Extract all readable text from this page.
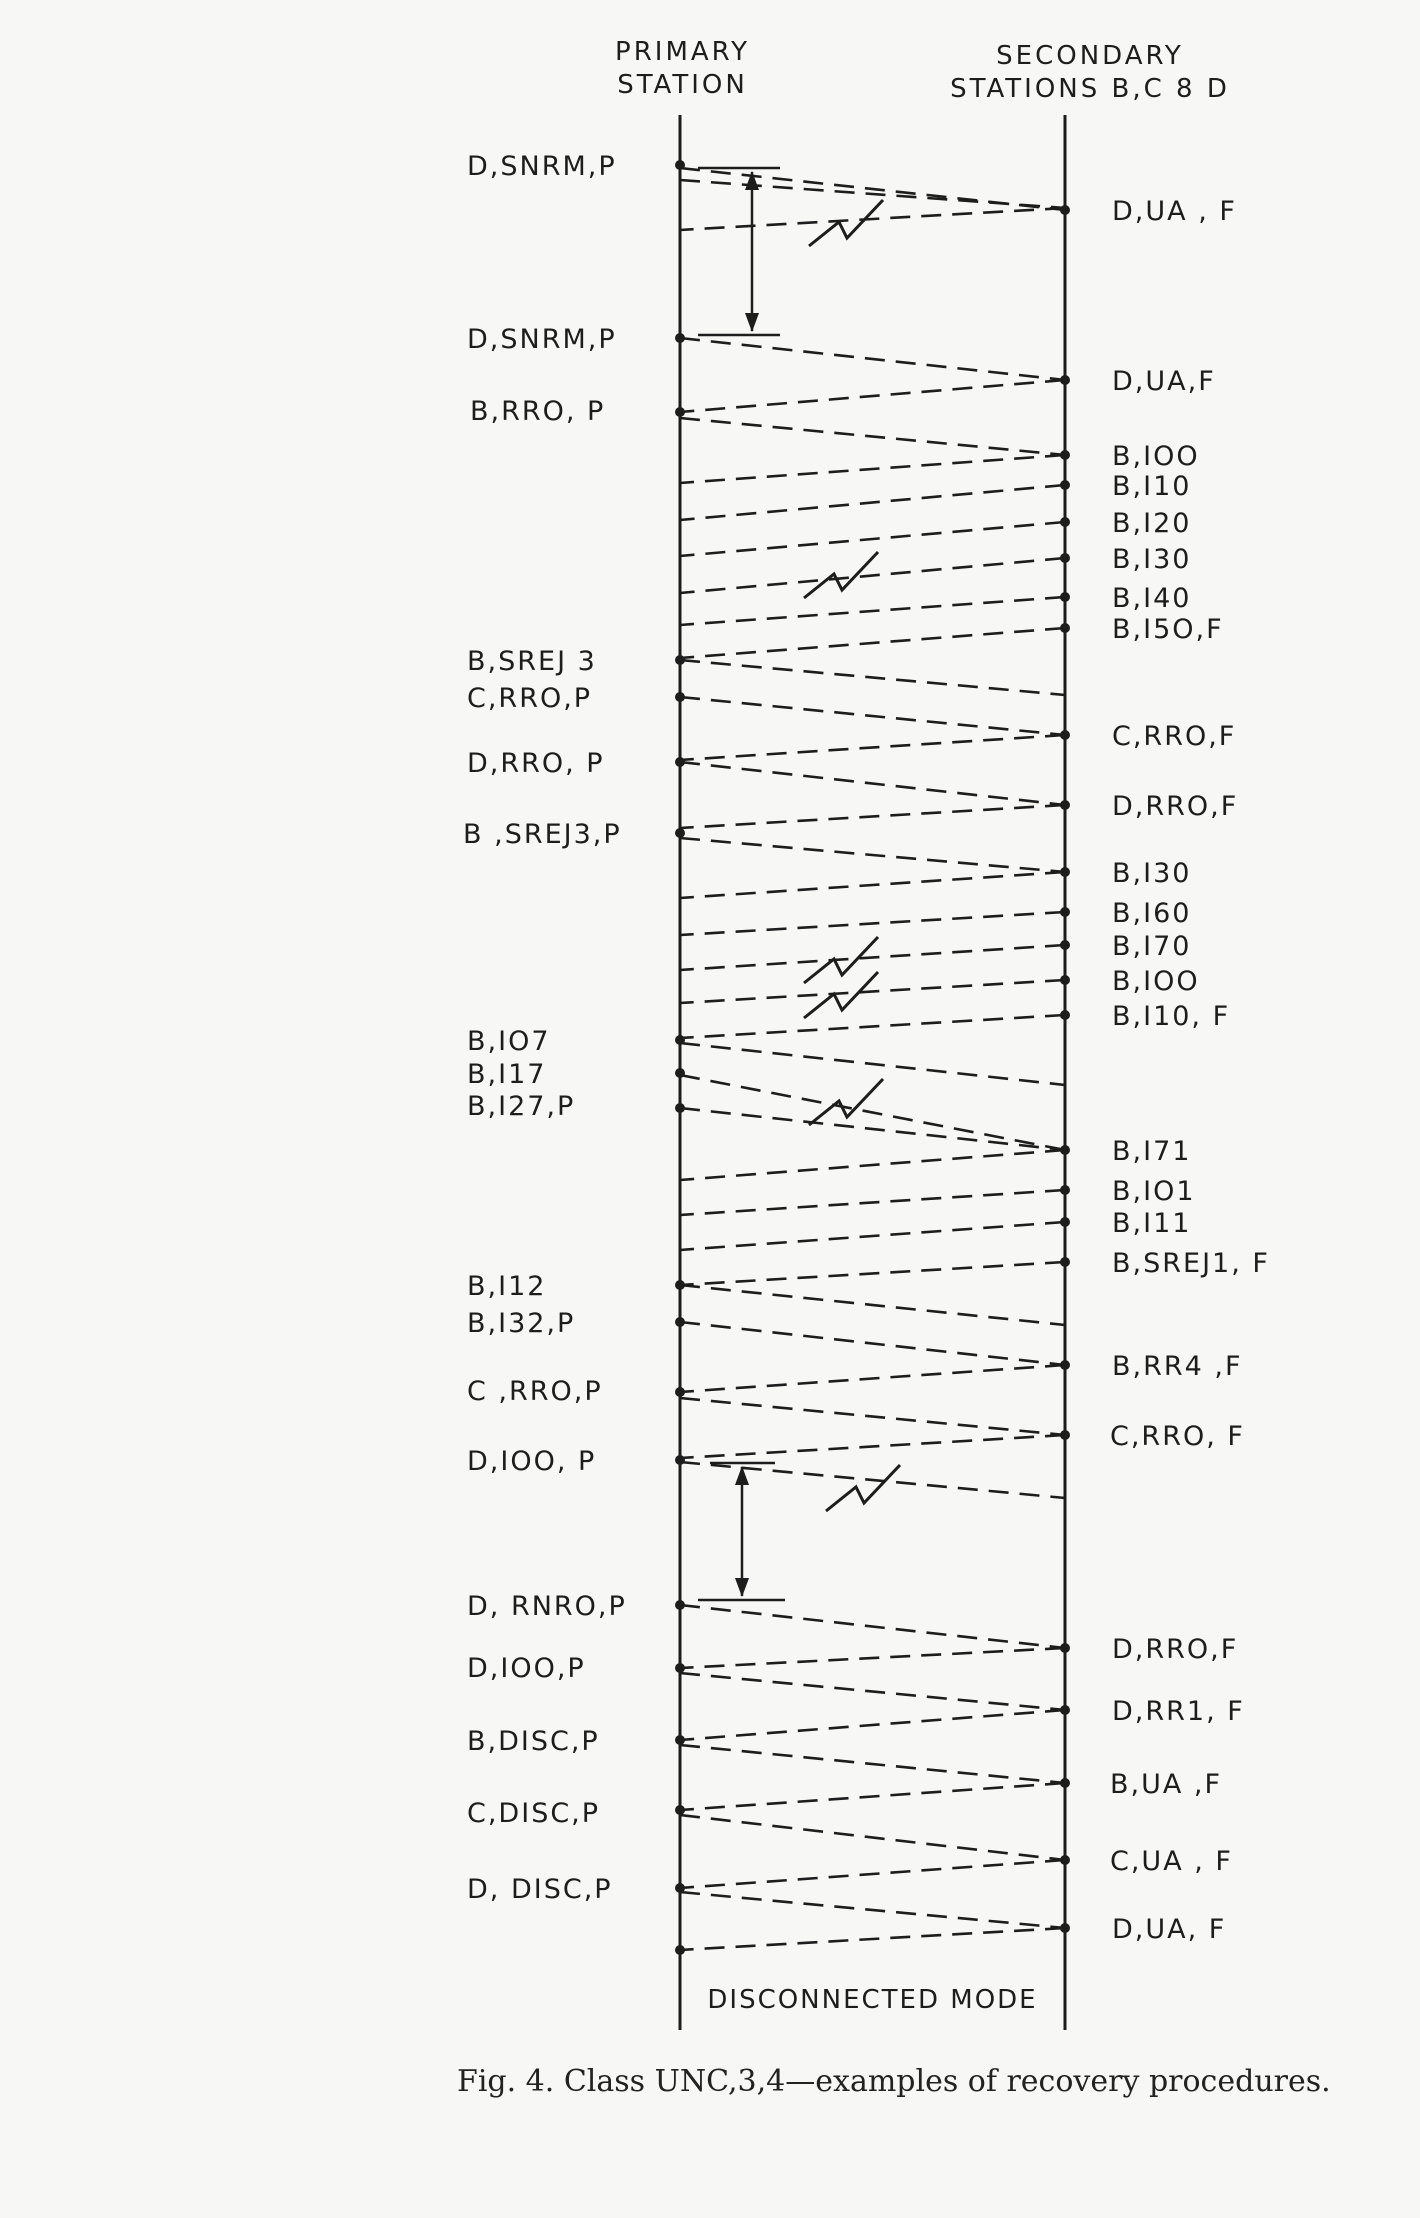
PRIMARY
STATION
SECONDARY
STATIONS B,C 8 D
D,SNRM,P
D,SNRM,P
B,RRO, P
B,SREJ 3
C,RRO,P
D,RRO, P
B ,SREJ3,P
B,IO7
B,I17
B,I27,P
B,I12
B,I32,P
C ,RRO,P
D,IOO, P
D, RNRO,P
D,IOO,P
B,DISC,P
C,DISC,P
D, DISC,P
D,UA , F
D,UA,F
B,IOO
B,I10
B,I20
B,I30
B,I40
B,I5O,F
C,RRO,F
D,RRO,F
B,I30
B,I60
B,I70
B,IOO
B,I10, F
B,I71
B,IO1
B,I11
B,SREJ1, F
B,RR4 ,F
C,RRO, F
D,RRO,F
D,RR1, F
B,UA ,F
C,UA , F
D,UA, F
DISCONNECTED MODE
Fig. 4. Class UNC,3,4—examples of recovery procedures.
